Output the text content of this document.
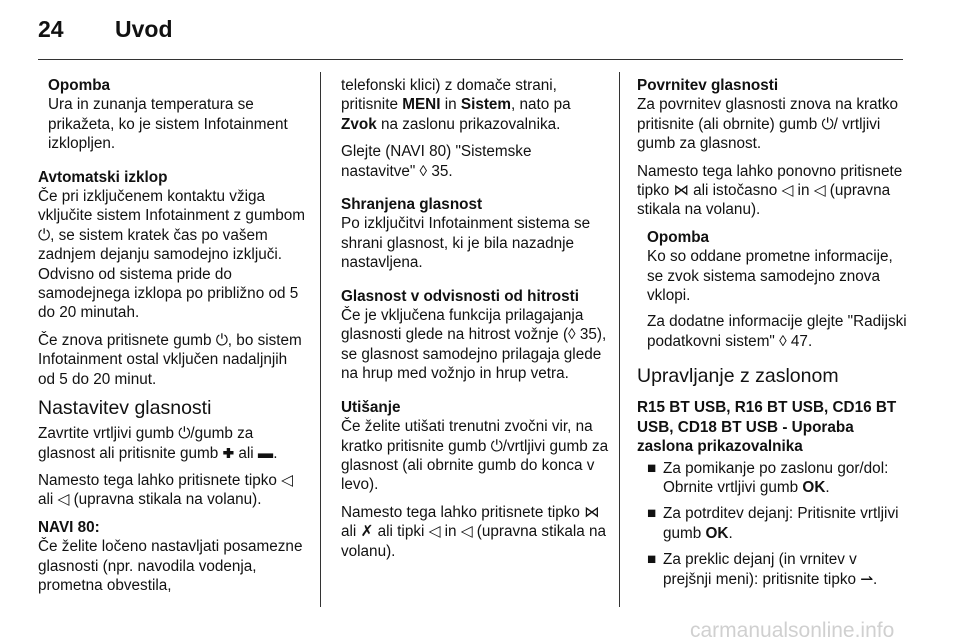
24 Uvod
Opomba
Ura in zunanja temperatura se prikažeta, ko je sistem Infotainment izklopljen.

Avtomatski izklop
Če pri izključenem kontaktu vžiga vključite sistem Infotainment z gumbom ⏻, se sistem kratek čas po vašem zadnjem dejanju samodejno izključi. Odvisno od sistema pride do samodejnega izklopa po približno od 5 do 20 minutah.

Če znova pritisnete gumb ⏻, bo sistem Infotainment ostal vključen nadaljnjih od 5 do 20 minut.

Nastavitev glasnosti

Zavrtite vrtljivi gumb ⏻/gumb za glasnost ali pritisnite gumb ✚ ali ▬.

Namesto tega lahko pritisnete tipko ◁ ali ◁ (upravna stikala na volanu).

NAVI 80:
Če želite ločeno nastavljati posamezne glasnosti (npr. navodila vodenja, prometna obvestila,

telefonski klici) z domače strani, pritisnite MENI in Sistem, nato pa Zvok na zaslonu prikazovalnika.

Glejte (NAVI 80) "Sistemske nastavitve" ◊ 35.

Shranjena glasnost
Po izključitvi Infotainment sistema se shrani glasnost, ki je bila nazadnje nastavljena.
Glasnost v odvisnosti od hitrosti
Če je vključena funkcija prilagajanja glasnosti glede na hitrost vožnje (◊ 35), se glasnost samodejno prilagaja glede na hrup med vožnjo in hrup vetra.

Utišanje
Če želite utišati trenutni zvočni vir, na kratko pritisnite gumb ⏻/vrtljivi gumb za glasnost (ali obrnite gumb do konca v levo).

Namesto tega lahko pritisnete tipko ⋈ ali ✗ ali tipki ◁ in ◁ (upravna stikala na volanu).

Povrnitev glasnosti
Za povrnitev glasnosti znova na kratko pritisnite (ali obrnite) gumb ⏻/ vrtljivi gumb za glasnost.

Namesto tega lahko ponovno pritisnete tipko ⋈ ali istočasno ◁ in ◁ (upravna stikala na volanu).

Opomba
Ko so oddane prometne informacije, se zvok sistema samodejno znova vklopi.

Za dodatne informacije glejte "Radijski podatkovni sistem" ◊ 47.

Upravljanje z zaslonom

R15 BT USB, R16 BT USB, CD16 BT USB, CD18 BT USB - Uporaba zaslona prikazovalnika

■ Za pomikanje po zaslonu gor/dol: Obrnite vrtljivi gumb OK.
■ Za potrditev dejanj: Pritisnite vrtljivi gumb OK.
■ Za preklic dejanj (in vrnitev v prejšnji meni): pritisnite tipko ⇀.
carmanualsonline.info
